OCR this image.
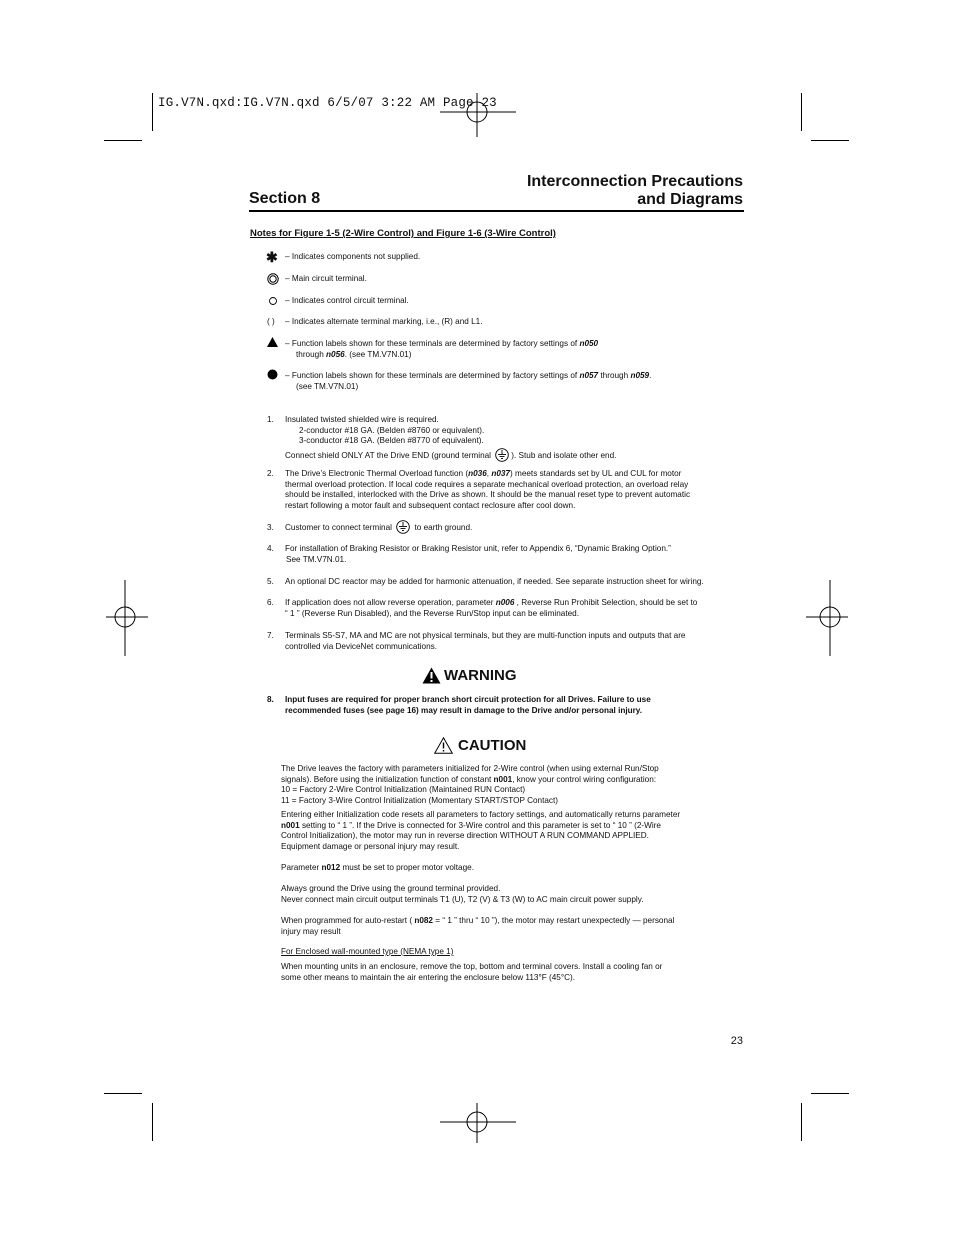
IG.V7N.qxd:IG.V7N.qxd 6/5/07 3:22 AM Page 23
Section 8
Interconnection Precautions
and Diagrams
Notes for Figure 1-5 (2-Wire Control) and Figure 1-6 (3-Wire Control)
✱ – Indicates components not supplied.
– Main circuit terminal.
– Indicates control circuit terminal.
( ) – Indicates alternate terminal marking, i.e., (R) and L1.
– Function labels shown for these terminals are determined by factory settings of n050
through n056. (see TM.V7N.01)
– Function labels shown for these terminals are determined by factory settings of n057 through n059.
(see TM.V7N.01)
1. Insulated twisted shielded wire is required.
2-conductor #18 GA. (Belden #8760 or equivalent).
3-conductor #18 GA. (Belden #8770 of equivalent).
Connect shield ONLY AT the Drive END (ground terminal ). Stub and isolate other end.
2. The Drive’s Electronic Thermal Overload function (n036, n037) meets standards set by UL and CUL for motor
thermal overload protection. If local code requires a separate mechanical overload protection, an overload relay
should be installed, interlocked with the Drive as shown. It should be the manual reset type to prevent automatic
restart following a motor fault and subsequent contact reclosure after cool down.
3. Customer to connect terminal  to earth ground.
4. For installation of Braking Resistor or Braking Resistor unit, refer to Appendix 6, “Dynamic Braking Option.”
See TM.V7N.01.
5. An optional DC reactor may be added for harmonic attenuation, if needed. See separate instruction sheet for wiring.
6. If application does not allow reverse operation, parameter n006 , Reverse Run Prohibit Selection, should be set to
“ 1 ” (Reverse Run Disabled), and the Reverse Run/Stop input can be eliminated.
7. Terminals S5-S7, MA and MC are not physical terminals, but they are multi-function inputs and outputs that are
controlled via DeviceNet communications.
WARNING
8. Input fuses are required for proper branch short circuit protection for all Drives. Failure to use
recommended fuses (see page 16) may result in damage to the Drive and/or personal injury.
CAUTION
The Drive leaves the factory with parameters initialized for 2-Wire control (when using external Run/Stop
signals). Before using the initialization function of constant n001, know your control wiring configuration:
10 = Factory 2-Wire Control Initialization (Maintained RUN Contact)
11 = Factory 3-Wire Control Initialization (Momentary START/STOP Contact)
Entering either Initialization code resets all parameters to factory settings, and automatically returns parameter
n001 setting to “ 1 ”. If the Drive is connected for 3-Wire control and this parameter is set to “ 10 ” (2-Wire
Control Initialization), the motor may run in reverse direction WITHOUT A RUN COMMAND APPLIED.
Equipment damage or personal injury may result.
Parameter n012 must be set to proper motor voltage.
Always ground the Drive using the ground terminal provided.
Never connect main circuit output terminals T1 (U), T2 (V) & T3 (W) to AC main circuit power supply.
When programmed for auto-restart ( n082 = “ 1 ” thru “ 10 ”), the motor may restart unexpectedly — personal
injury may result
For Enclosed wall-mounted type (NEMA type 1)
When mounting units in an enclosure, remove the top, bottom and terminal covers. Install a cooling fan or
some other means to maintain the air entering the enclosure below 113°F (45°C).
23
